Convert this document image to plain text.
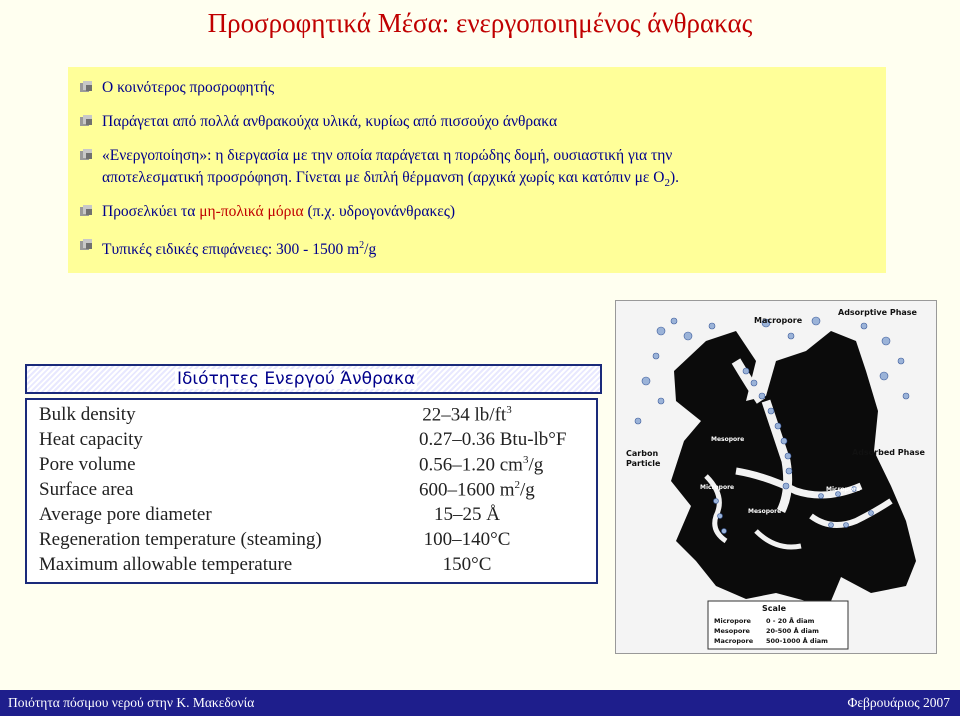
Προσροφητικά Μέσα: ενεργοποιημένος άνθρακας
Ο κοινότερος προσροφητής
Παράγεται από πολλά ανθρακούχα υλικά, κυρίως από πισσούχο άνθρακα
«Ενεργοποίηση»: η διεργασία με την οποία παράγεται η πορώδης δομή, ουσιαστική για την
αποτελεσματική προσρόφηση. Γίνεται με διπλή θέρμανση (αρχικά χωρίς και κατόπιν με $O_2$).
Προσελκύει τα μη-πολικά μόρια (π.χ. υδρογονάνθρακες)
Τυπικές ειδικές επιφάνειες: 300 - 1500 $m^2/g$
Ιδιότητες Ενεργού Άνθρακα
Bulk density	22–34 $lb/ft^3$
Heat capacity	0.27–0.36 Btu-lb°F
Pore volume	0.56–1.20 $cm^3/g$
Surface area	600–1600 $m^2/g$
Average pore diameter	15–25 Å
Regeneration temperature (steaming)	100–140°C
Maximum allowable temperature	150°C
Macropore
Adsorptive Phase
Mesopore
Carbon
Particle
Adsorbed Phase
Micropore
Mesopore
Micropore
Scale
Micropore 0 - 20 Å diam
Mesopore 20-500 Å diam
Macropore 500-1000 Å diam
Ποιότητα πόσιμου νερού στην Κ. Μακεδονία	Φεβρουάριος 2007
